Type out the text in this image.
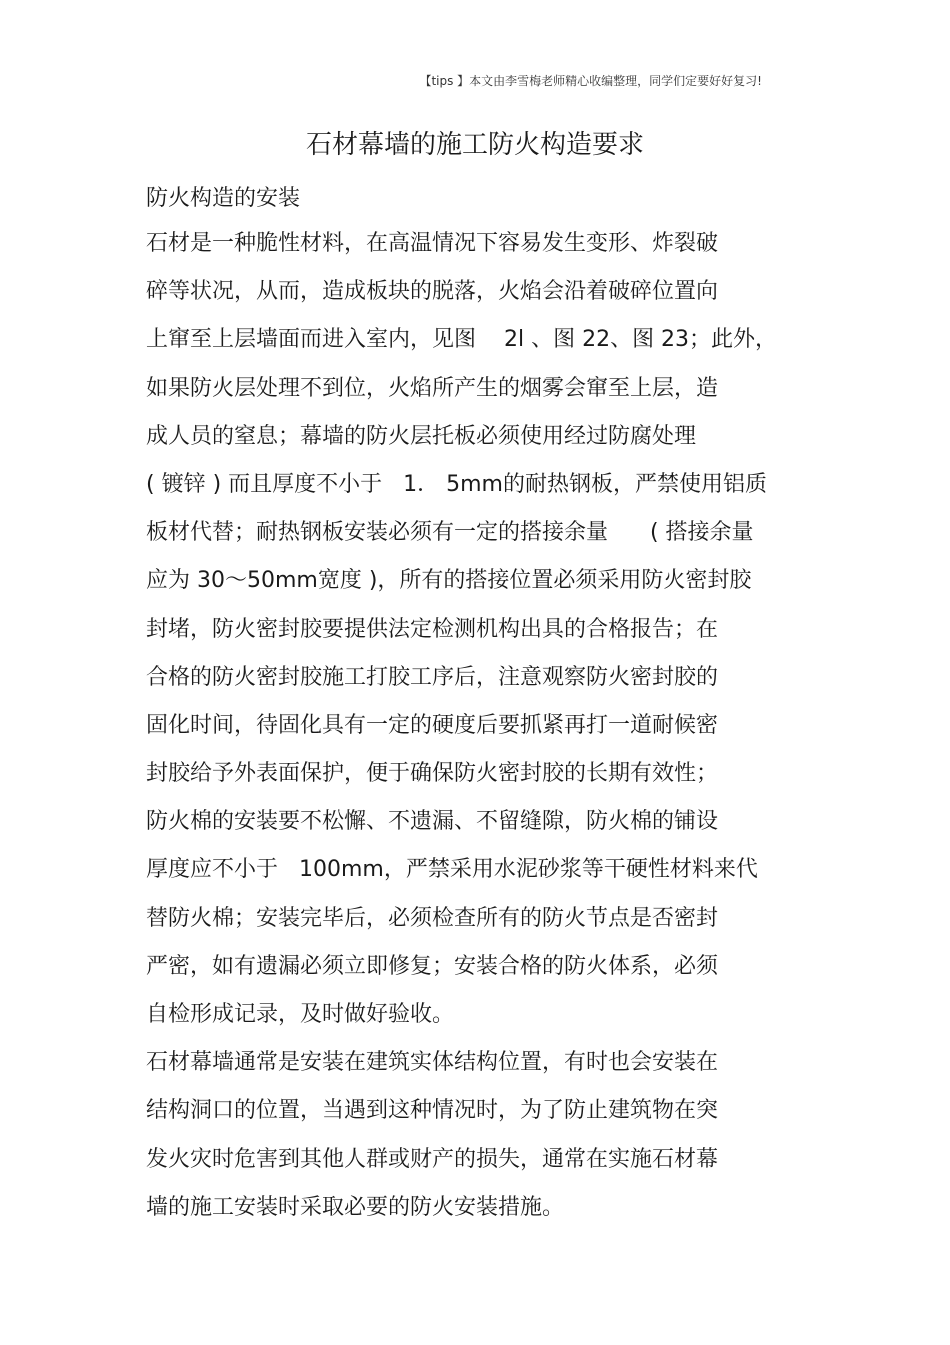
【tips 】本文由李雪梅老师精心收编整理，同学们定要好好复习!
石材幕墙的施工防火构造要求
防火构造的安装
石材是一种脆性材料，在高温情况下容易发生变形、炸裂破
碎等状况，从而，造成板块的脱落，火焰会沿着破碎位置向
上窜至上层墙面而进入室内，见图    2l 、图 22、图 23；此外，
如果防火层处理不到位，火焰所产生的烟雾会窜至上层，造
成人员的窒息；幕墙的防火层托板必须使用经过防腐处理
( 镀锌 ) 而且厚度不小于   1． 5mm的耐热钢板，严禁使用铝质
板材代替；耐热钢板安装必须有一定的搭接余量      ( 搭接余量
应为 30～50mm宽度 )，所有的搭接位置必须采用防火密封胶
封堵，防火密封胶要提供法定检测机构出具的合格报告；在
合格的防火密封胶施工打胶工序后，注意观察防火密封胶的
固化时间，待固化具有一定的硬度后要抓紧再打一道耐候密
封胶给予外表面保护，便于确保防火密封胶的长期有效性；
防火棉的安装要不松懈、不遗漏、不留缝隙，防火棉的铺设
厚度应不小于   100mm，严禁采用水泥砂浆等干硬性材料来代
替防火棉；安装完毕后，必须检查所有的防火节点是否密封
严密，如有遗漏必须立即修复；安装合格的防火体系，必须
自检形成记录，及时做好验收。
石材幕墙通常是安装在建筑实体结构位置，有时也会安装在
结构洞口的位置，当遇到这种情况时，为了防止建筑物在突
发火灾时危害到其他人群或财产的损失，通常在实施石材幕
墙的施工安装时采取必要的防火安装措施。
